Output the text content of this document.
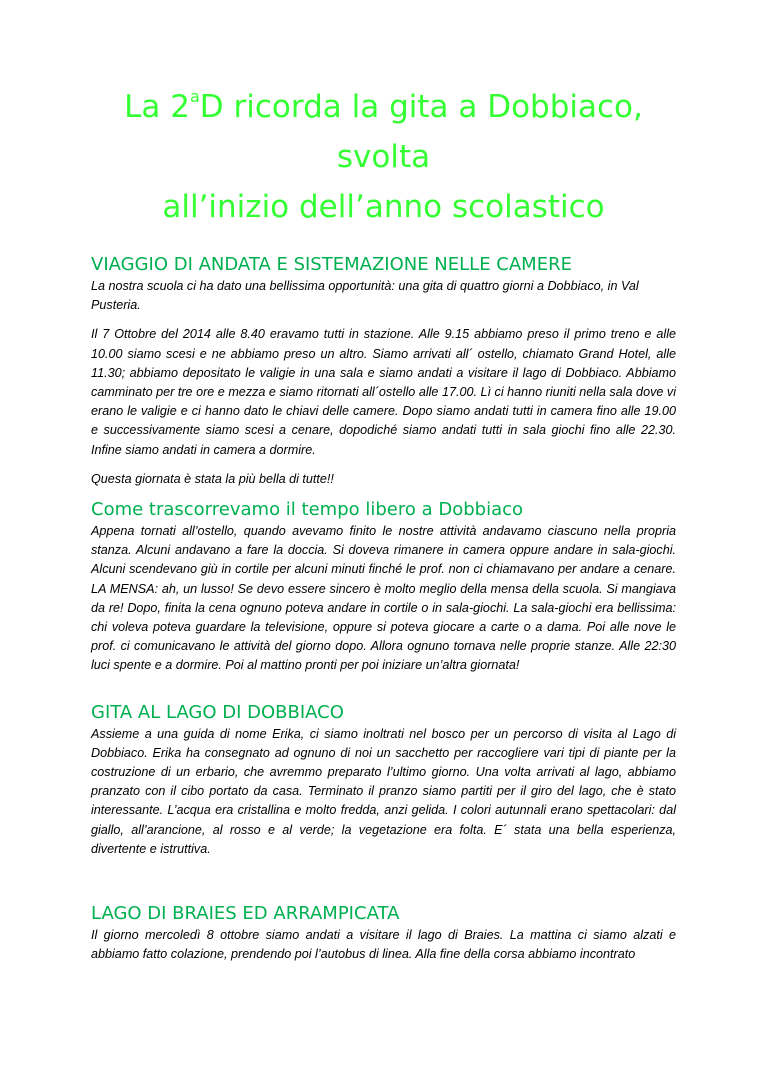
La 2$^a$D ricorda la gita a Dobbiaco, svolta
all’inizio dell’anno scolastico
VIAGGIO DI ANDATA E SISTEMAZIONE NELLE CAMERE

La nostra scuola ci ha dato una bellissima opportunità: una gita di quattro giorni a Dobbiaco, in Val Pusteria.

Il 7 Ottobre del 2014 alle 8.40 eravamo tutti in stazione. Alle 9.15 abbiamo preso il primo treno e alle 10.00 siamo scesi e ne abbiamo preso un altro. Siamo arrivati all´ ostello, chiamato Grand Hotel, alle 11.30; abbiamo depositato le valigie in una sala e siamo andati a visitare il lago di Dobbiaco. Abbiamo camminato per tre ore e mezza e siamo ritornati all´ostello alle 17.00. Lì ci hanno riuniti nella sala dove vi erano le valigie e ci hanno dato le chiavi delle camere. Dopo siamo andati tutti in camera fino alle 19.00 e successivamente siamo scesi a cenare, dopodiché siamo andati tutti in sala giochi fino alle 22.30. Infine siamo andati in camera a dormire.

Questa giornata è stata la più bella di tutte!!

Come trascorrevamo il tempo libero a Dobbiaco

Appena tornati all’ostello, quando avevamo finito le nostre attività andavamo ciascuno nella propria stanza. Alcuni andavano a fare la doccia. Si doveva rimanere in camera oppure andare in sala-giochi. Alcuni scendevano giù in cortile per alcuni minuti finché le prof. non ci chiamavano per andare a cenare. LA MENSA: ah, un lusso! Se devo essere sincero è molto meglio della mensa della scuola. Si mangiava da re! Dopo, finita la cena ognuno poteva andare in cortile o in sala-giochi. La sala-giochi era bellissima: chi voleva poteva guardare la televisione, oppure si poteva giocare a carte o a dama. Poi alle nove le prof. ci comunicavano le attività del giorno dopo. Allora ognuno tornava nelle proprie stanze. Alle 22:30 luci spente e a dormire. Poi al mattino pronti per poi iniziare un’altra giornata!

GITA AL LAGO DI DOBBIACO

Assieme a una guida di nome Erika, ci siamo inoltrati nel bosco per un percorso di visita al Lago di Dobbiaco. Erika ha consegnato ad ognuno di noi un sacchetto per raccogliere vari tipi di piante per la costruzione di un erbario, che avremmo preparato l’ultimo giorno. Una volta arrivati al lago, abbiamo pranzato con il cibo portato da casa. Terminato il pranzo siamo partiti per il giro del lago, che è stato interessante. L’acqua era cristallina e molto fredda, anzi gelida. I colori autunnali erano spettacolari: dal giallo, all’arancione, al rosso e al verde; la vegetazione era folta. E´ stata una bella esperienza, divertente e istruttiva.

LAGO DI BRAIES ED ARRAMPICATA

Il giorno mercoledì 8 ottobre siamo andati a visitare il lago di Braies. La mattina ci siamo alzati e abbiamo fatto colazione, prendendo poi l’autobus di linea. Alla fine della corsa abbiamo incontrato
